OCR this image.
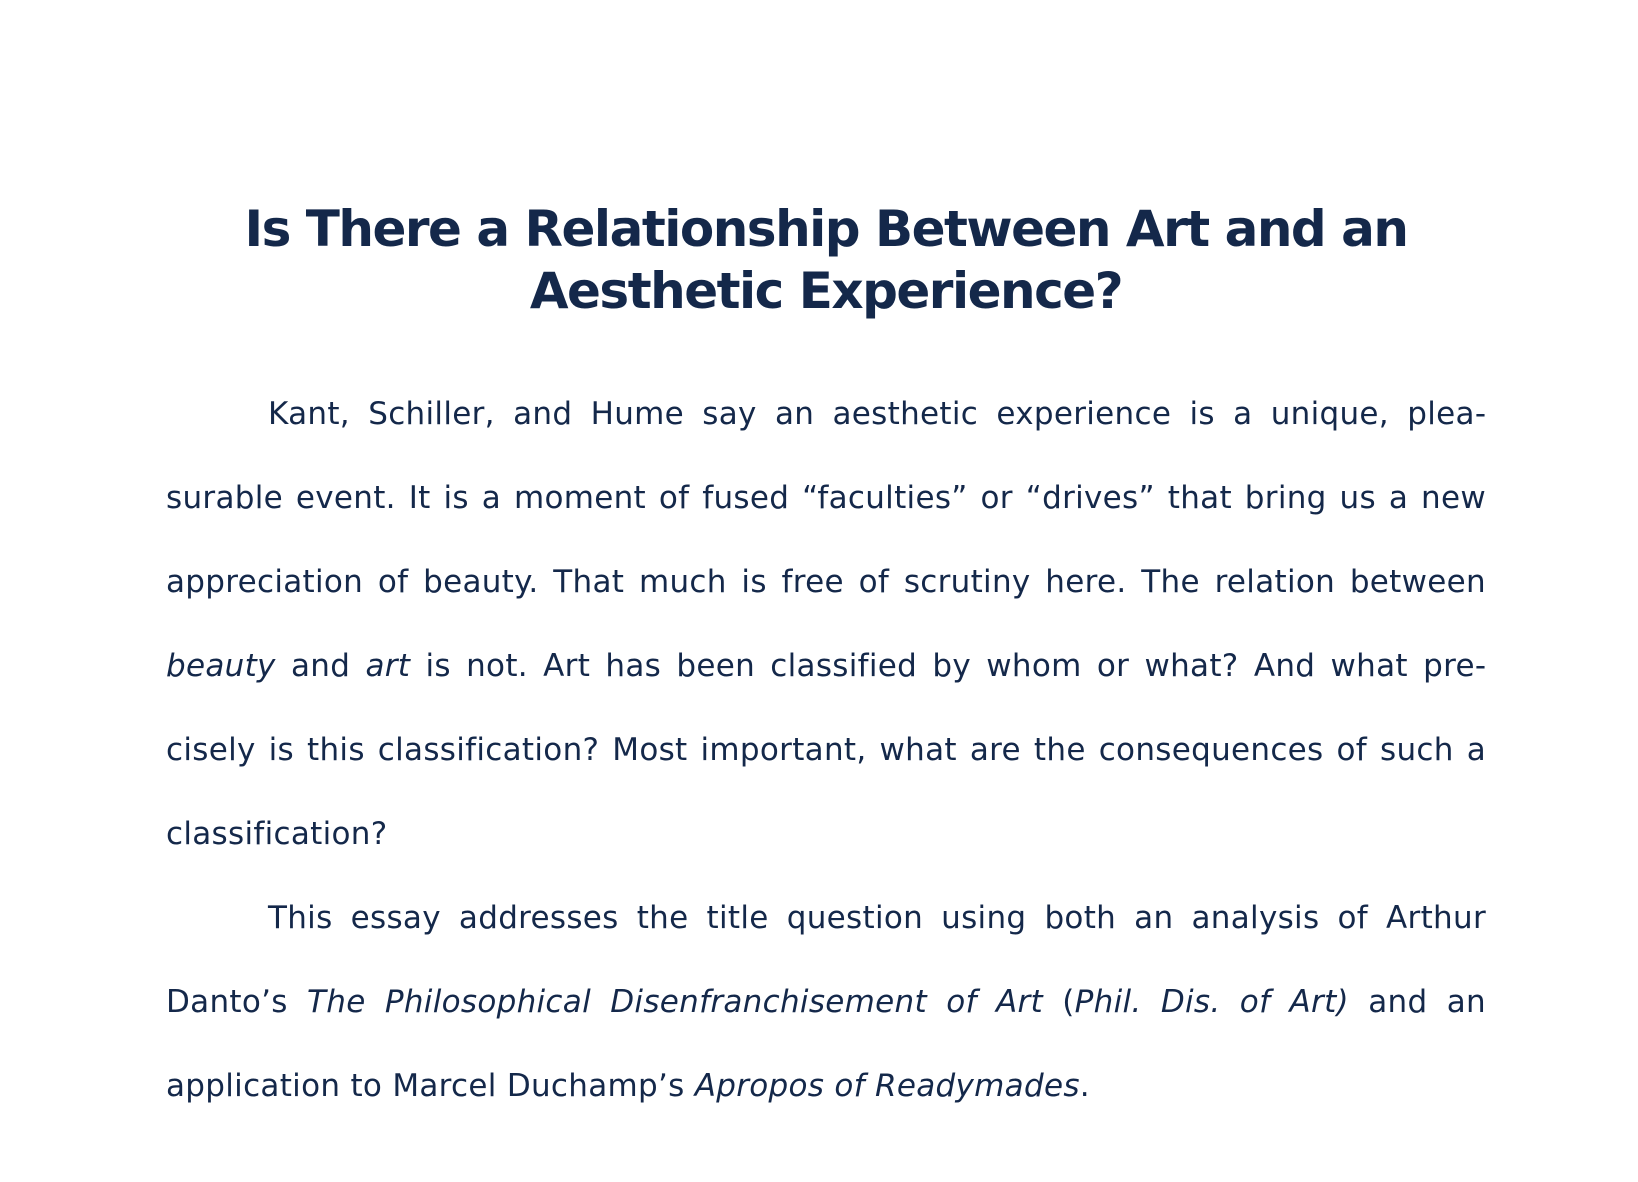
Is There a Relationship Between Art and an Aesthetic Experience?

Kant, Schiller, and Hume say an aesthetic experience is a unique, pleasurable event. It is a moment of fused “faculties” or “drives” that bring us a new appreciation of beauty. That much is free of scrutiny here. The relation between beauty and art is not. Art has been classified by whom or what? And what precisely is this classification? Most important, what are the consequences of such a classification?

This essay addresses the title question using both an analysis of Arthur Danto’s The Philosophical Disenfranchisement of Art (Phil. Dis. of Art) and an application to Marcel Duchamp’s Apropos of Readymades.
